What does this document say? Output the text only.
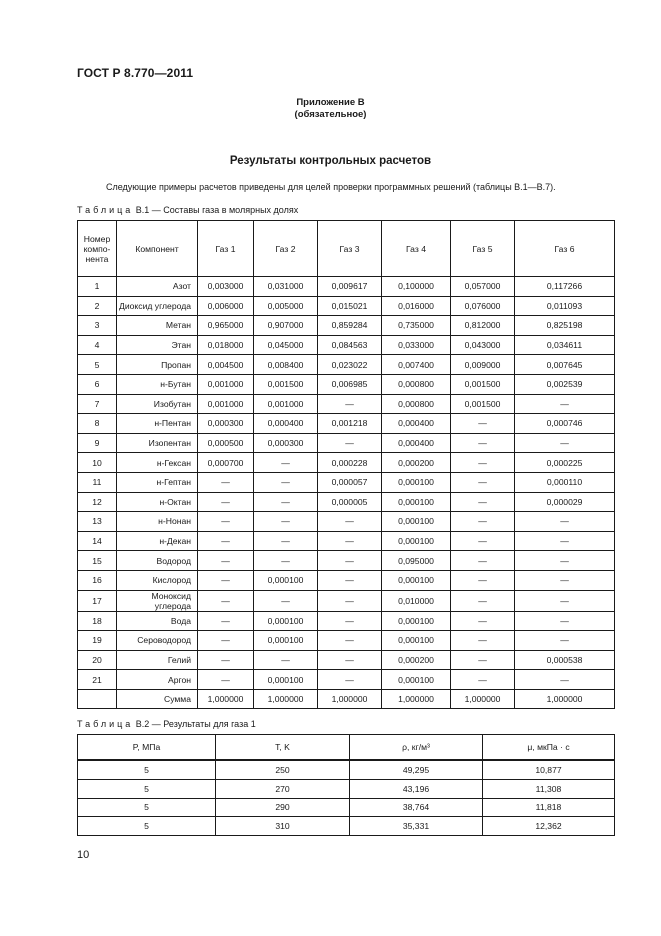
ГОСТ Р 8.770—2011
Приложение В
(обязательное)
Результаты контрольных расчетов
Следующие примеры расчетов приведены для целей проверки программных решений (таблицы В.1—В.7).
Таблица В.1 — Составы газа в молярных долях
Номер компо-нента	Компонент	Газ 1	Газ 2	Газ 3	Газ 4	Газ 5	Газ 6
1	Азот	0,003000	0,031000	0,009617	0,100000	0,057000	0,117266
2	Диоксид углерода	0,006000	0,005000	0,015021	0,016000	0,076000	0,011093
3	Метан	0,965000	0,907000	0,859284	0,735000	0,812000	0,825198
4	Этан	0,018000	0,045000	0,084563	0,033000	0,043000	0,034611
5	Пропан	0,004500	0,008400	0,023022	0,007400	0,009000	0,007645
6	н-Бутан	0,001000	0,001500	0,006985	0,000800	0,001500	0,002539
7	Изобутан	0,001000	0,001000	—	0,000800	0,001500	—
8	н-Пентан	0,000300	0,000400	0,001218	0,000400	—	0,000746
9	Изопентан	0,000500	0,000300	—	0,000400	—	—
10	н-Гексан	0,000700	—	0,000228	0,000200	—	0,000225
11	н-Гептан	—	—	0,000057	0,000100	—	0,000110
12	н-Октан	—	—	0,000005	0,000100	—	0,000029
13	н-Нонан	—	—	—	0,000100	—	—
14	н-Декан	—	—	—	0,000100	—	—
15	Водород	—	—	—	0,095000	—	—
16	Кислород	—	0,000100	—	0,000100	—	—
17	Моноксид углерода	—	—	—	0,010000	—	—
18	Вода	—	0,000100	—	0,000100	—	—
19	Сероводород	—	0,000100	—	0,000100	—	—
20	Гелий	—	—	—	0,000200	—	0,000538
21	Аргон	—	0,000100	—	0,000100	—	—
	Сумма	1,000000	1,000000	1,000000	1,000000	1,000000	1,000000
Таблица В.2 — Результаты для газа 1
P, МПа	T, K	ρ, кг/м³	μ, мкПа · с
5	250	49,295	10,877
5	270	43,196	11,308
5	290	38,764	11,818
5	310	35,331	12,362
10
